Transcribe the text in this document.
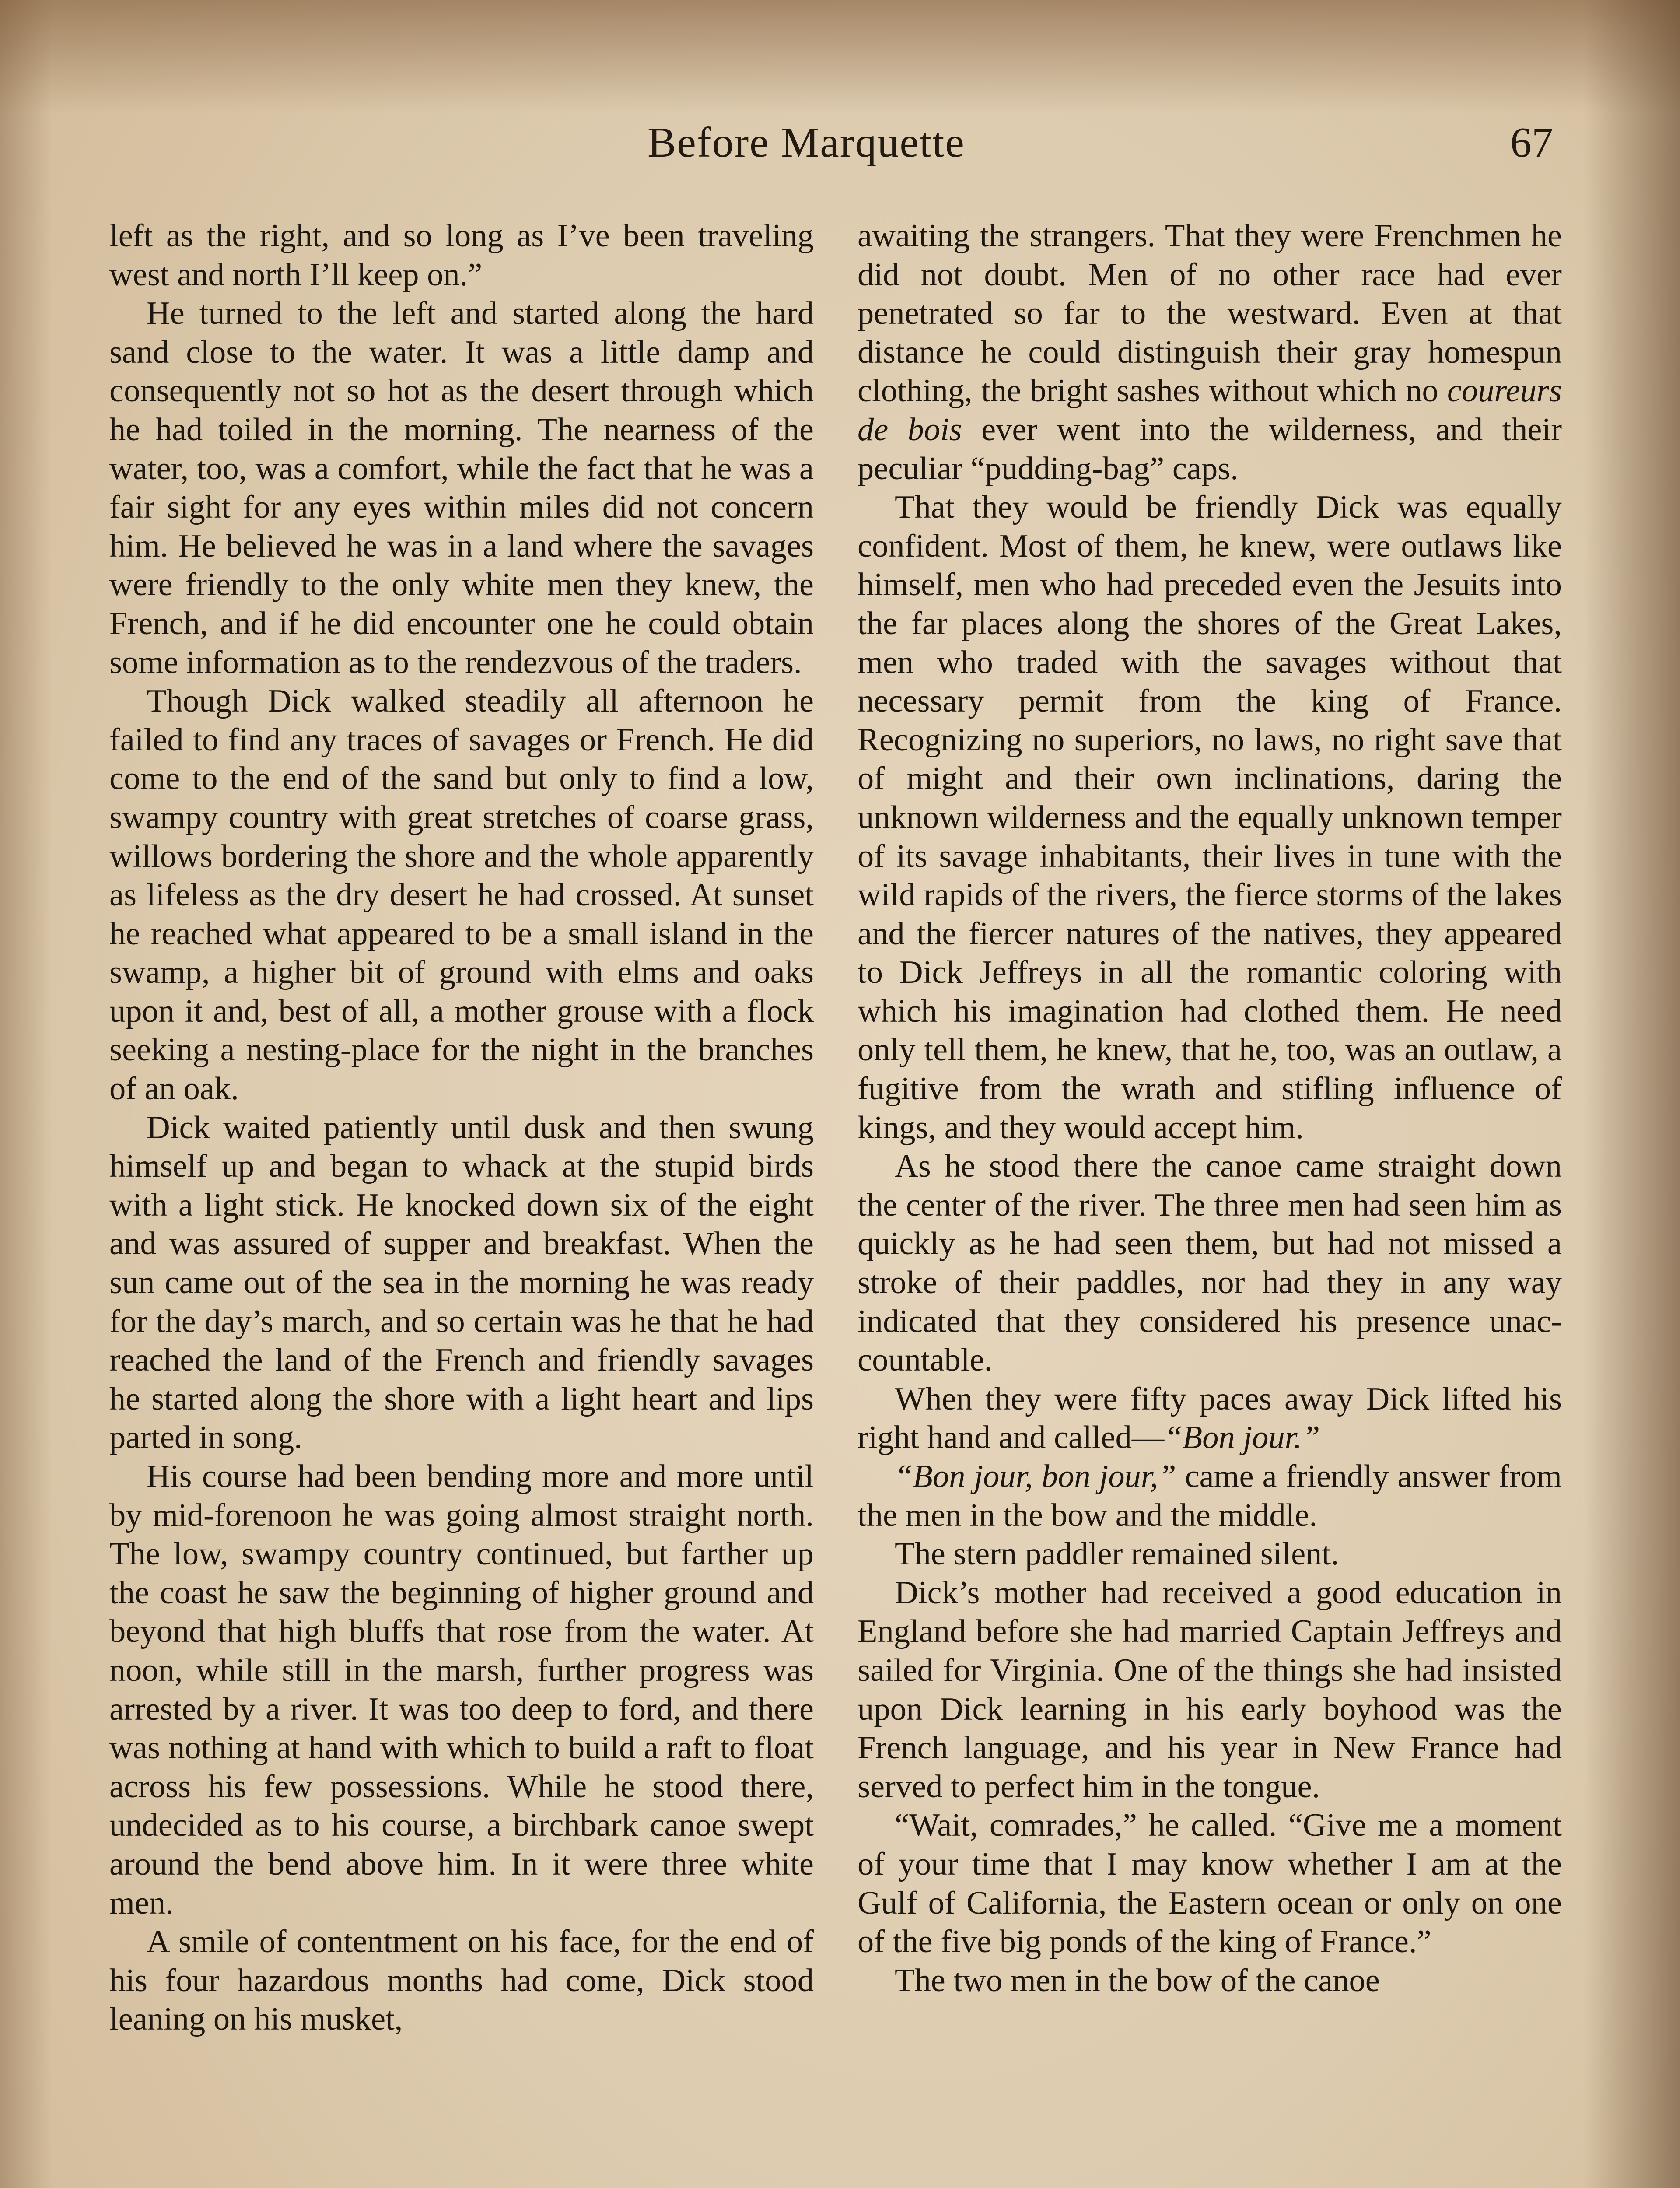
Before Marquette	67

left as the right, and so long as I’ve been traveling west and north I’ll keep on.”

He turned to the left and started along the hard sand close to the water. It was a little damp and consequently not so hot as the desert through which he had toiled in the morning. The nearness of the water, too, was a comfort, while the fact that he was a fair sight for any eyes within miles did not concern him. He believed he was in a land where the savages were friendly to the only white men they knew, the French, and if he did encounter one he could obtain some information as to the rendezvous of the traders.

Though Dick walked steadily all afternoon he failed to find any traces of savages or French. He did come to the end of the sand but only to find a low, swampy country with great stretches of coarse grass, willows bordering the shore and the whole apparently as lifeless as the dry desert he had crossed. At sunset he reached what appeared to be a small island in the swamp, a higher bit of ground with elms and oaks upon it and, best of all, a mother grouse with a flock seeking a nesting-place for the night in the branches of an oak.

Dick waited patiently until dusk and then swung himself up and began to whack at the stupid birds with a light stick. He knocked down six of the eight and was assured of supper and breakfast. When the sun came out of the sea in the morning he was ready for the day’s march, and so certain was he that he had reached the land of the French and friendly savages he started along the shore with a light heart and lips parted in song.

His course had been bending more and more until by mid-forenoon he was going almost straight north. The low, swampy country continued, but farther up the coast he saw the beginning of higher ground and beyond that high bluffs that rose from the water. At noon, while still in the marsh, further progress was arrested by a river. It was too deep to ford, and there was nothing at hand with which to build a raft to float across his few possessions. While he stood there, undecided as to his course, a birchbark canoe swept around the bend above him. In it were three white men.

A smile of contentment on his face, for the end of his four hazardous months had come, Dick stood leaning on his musket,

awaiting the strangers. That they were Frenchmen he did not doubt. Men of no other race had ever penetrated so far to the westward. Even at that distance he could distinguish their gray homespun clothing, the bright sashes without which no coureurs de bois ever went into the wilderness, and their peculiar “pudding-bag” caps.

That they would be friendly Dick was equally confident. Most of them, he knew, were outlaws like himself, men who had preceded even the Jesuits into the far places along the shores of the Great Lakes, men who traded with the savages without that necessary permit from the king of France. Recognizing no superiors, no laws, no right save that of might and their own inclinations, daring the unknown wilderness and the equally unknown temper of its savage inhabitants, their lives in tune with the wild rapids of the rivers, the fierce storms of the lakes and the fiercer natures of the natives, they appeared to Dick Jeffreys in all the romantic coloring with which his imagination had clothed them. He need only tell them, he knew, that he, too, was an outlaw, a fugitive from the wrath and stifling influence of kings, and they would accept him.

As he stood there the canoe came straight down the center of the river. The three men had seen him as quickly as he had seen them, but had not missed a stroke of their paddles, nor had they in any way indicated that they considered his presence unaccountable.

When they were fifty paces away Dick lifted his right hand and called—“Bon jour.”

“Bon jour, bon jour,” came a friendly answer from the men in the bow and the middle.

The stern paddler remained silent.

Dick’s mother had received a good education in England before she had married Captain Jeffreys and sailed for Virginia. One of the things she had insisted upon Dick learning in his early boyhood was the French language, and his year in New France had served to perfect him in the tongue.

“Wait, comrades,” he called. “Give me a moment of your time that I may know whether I am at the Gulf of California, the Eastern ocean or only on one of the five big ponds of the king of France.”

The two men in the bow of the canoe
